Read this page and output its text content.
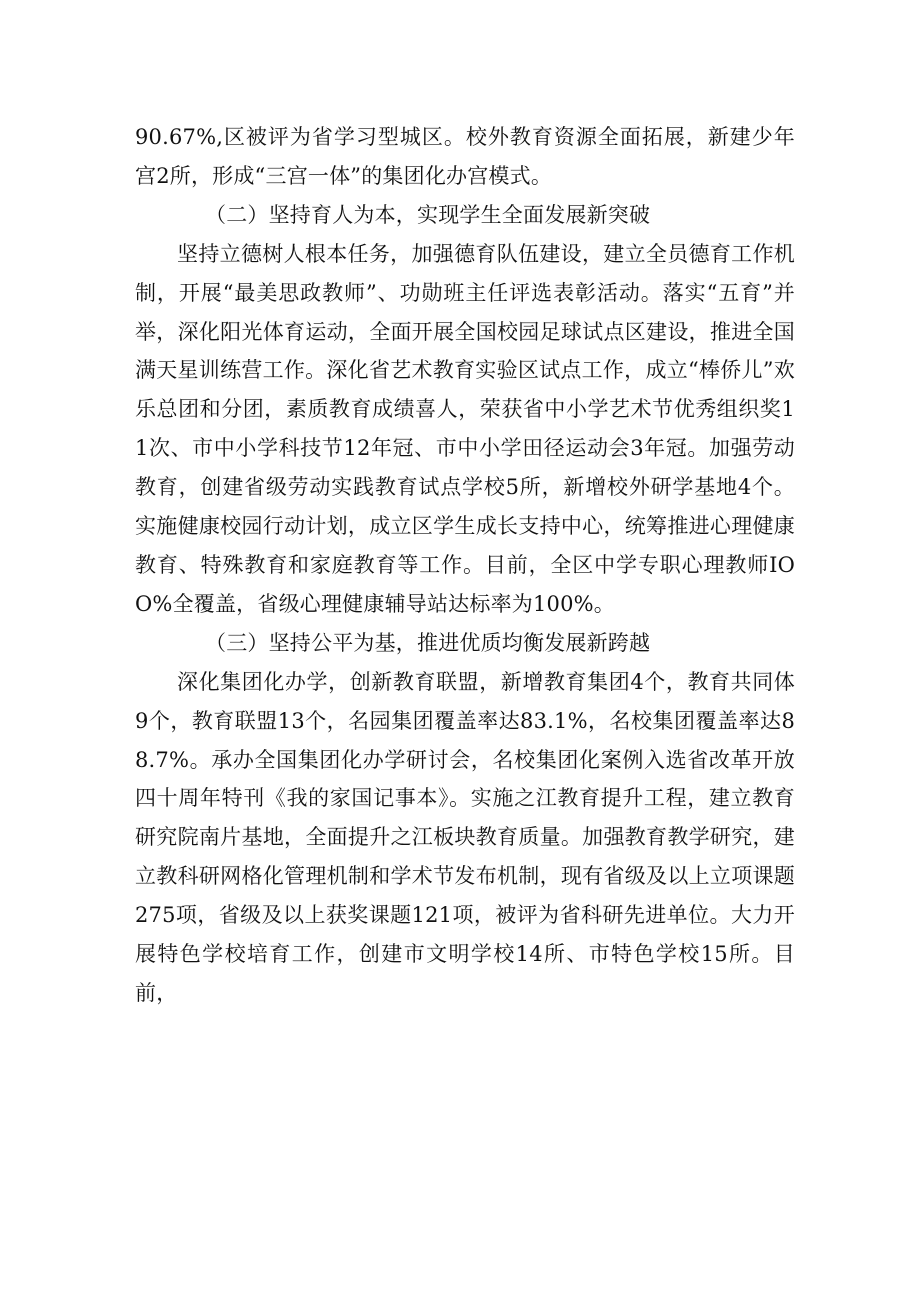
90.67%,区被评为省学习型城区。校外教育资源全面拓展，新建少年宫2所，形成“三宫一体”的集团化办宫模式。

（二）坚持育人为本，实现学生全面发展新突破

坚持立德树人根本任务，加强德育队伍建设，建立全员德育工作机制，开展“最美思政教师”、功勋班主任评选表彰活动。落实“五育”并举，深化阳光体育运动，全面开展全国校园足球试点区建设，推进全国满天星训练营工作。深化省艺术教育实验区试点工作，成立“棒侨儿”欢乐总团和分团，素质教育成绩喜人，荣获省中小学艺术节优秀组织奖11次、市中小学科技节12年冠、市中小学田径运动会3年冠。加强劳动教育，创建省级劳动实践教育试点学校5所，新增校外研学基地4个。实施健康校园行动计划，成立区学生成长支持中心，统筹推进心理健康教育、特殊教育和家庭教育等工作。目前，全区中学专职心理教师IOO%全覆盖，省级心理健康辅导站达标率为100%。

（三）坚持公平为基，推进优质均衡发展新跨越

深化集团化办学，创新教育联盟，新增教育集团4个，教育共同体9个，教育联盟13个，名园集团覆盖率达83.1%，名校集团覆盖率达88.7%。承办全国集团化办学研讨会，名校集团化案例入选省改革开放四十周年特刊《我的家国记事本》。实施之江教育提升工程，建立教育研究院南片基地，全面提升之江板块教育质量。加强教育教学研究，建立教科研网格化管理机制和学术节发布机制，现有省级及以上立项课题275项，省级及以上获奖课题121项，被评为省科研先进单位。大力开展特色学校培育工作，创建市文明学校14所、市特色学校15所。目前，
